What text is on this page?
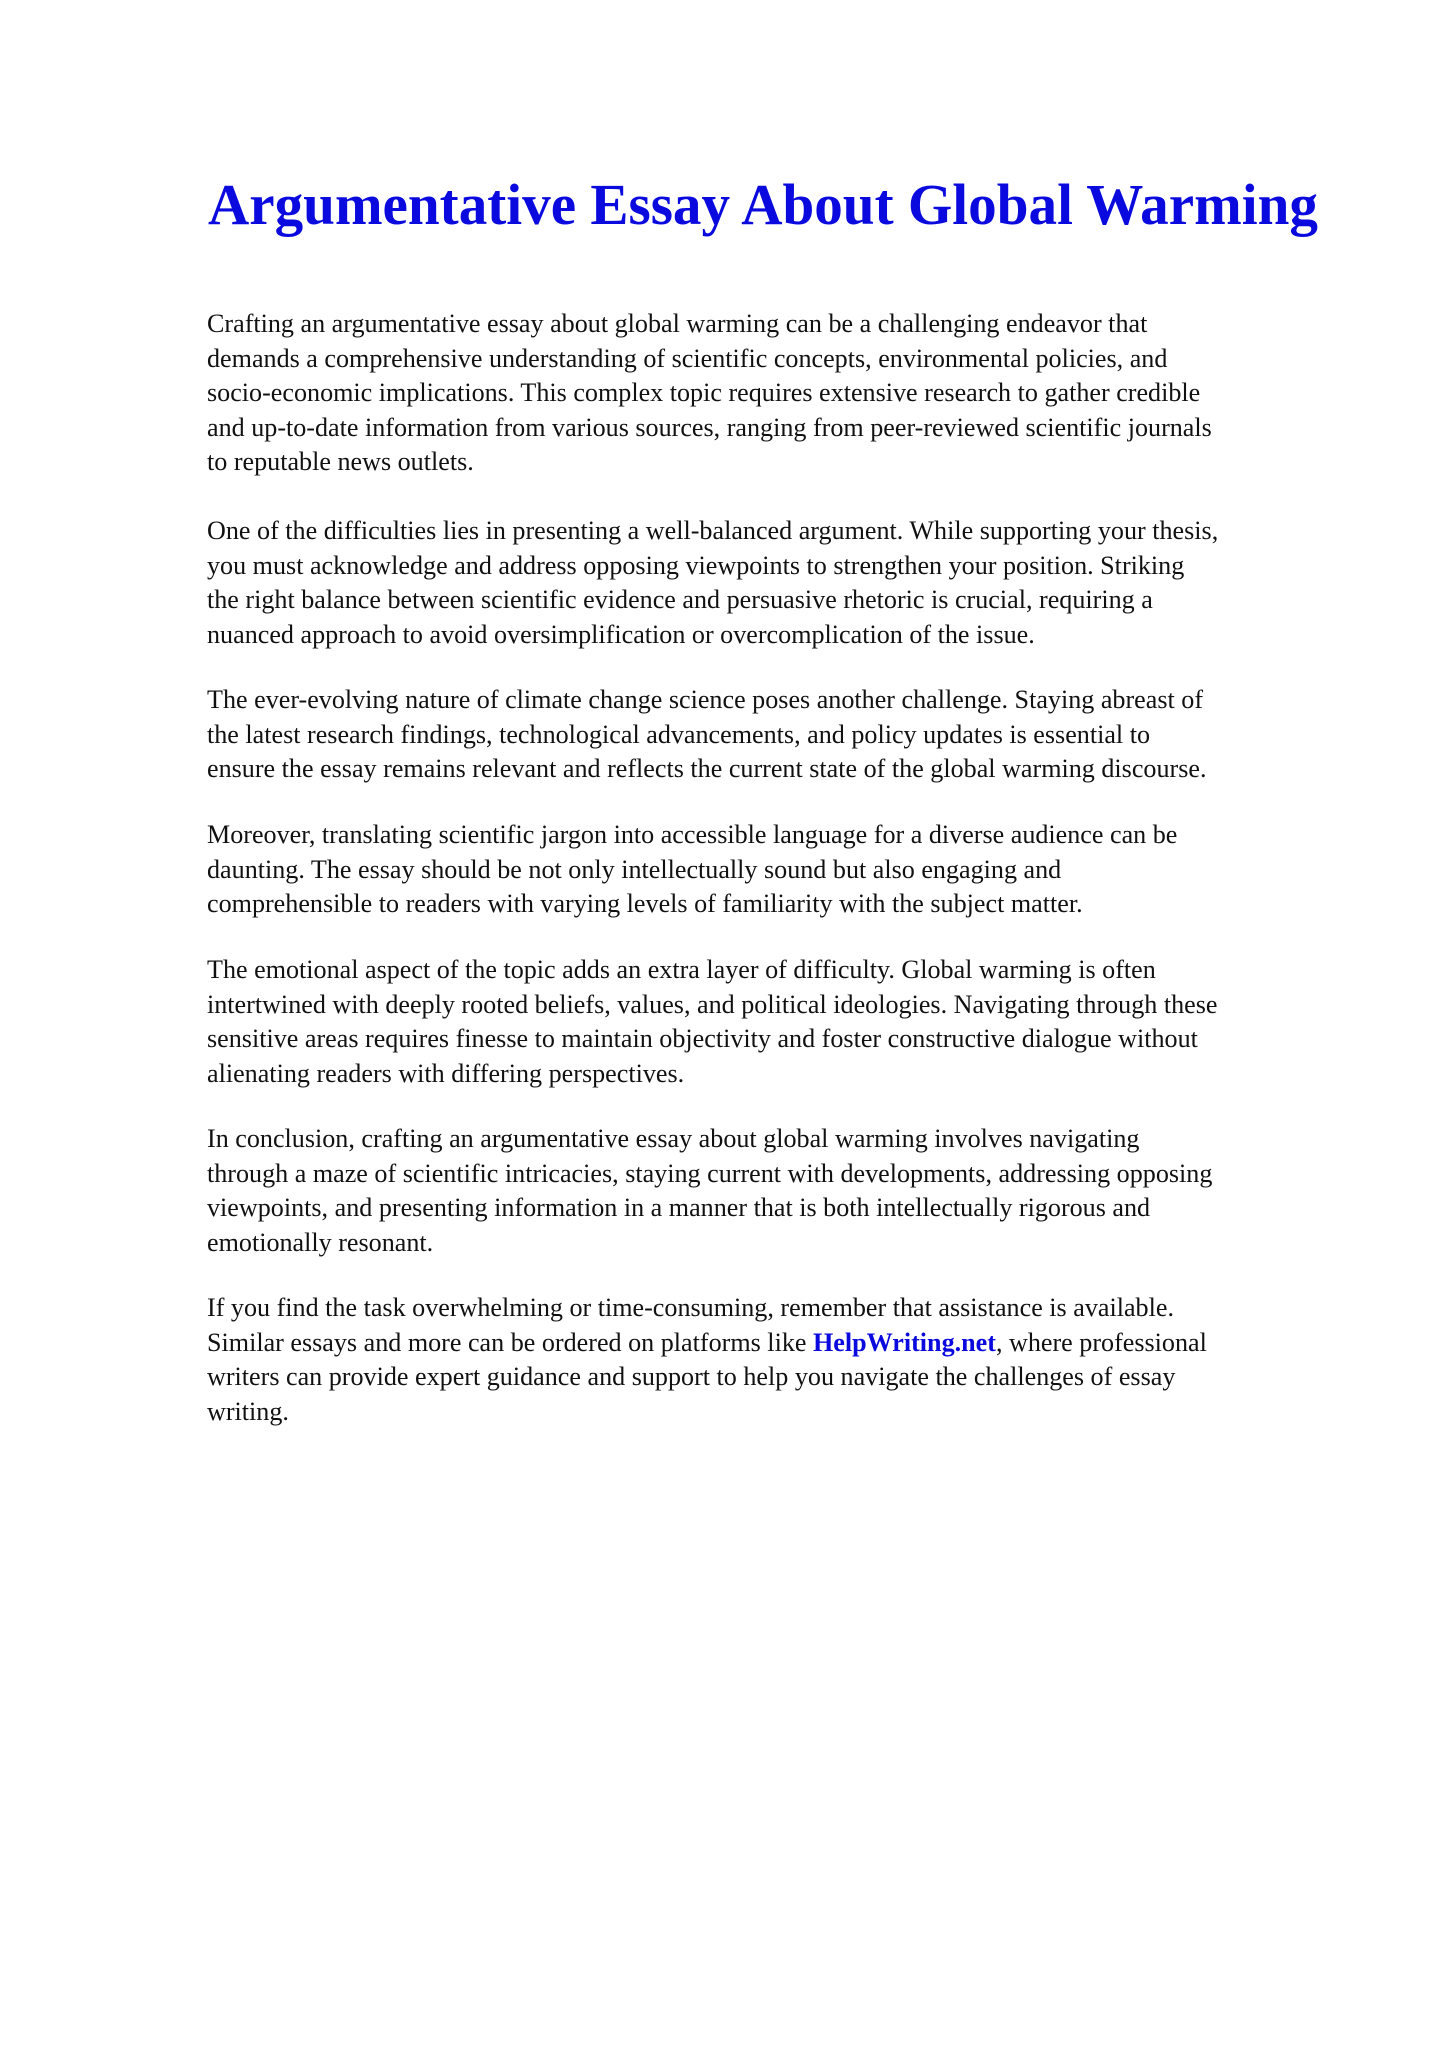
Argumentative Essay About Global Warming

Crafting an argumentative essay about global warming can be a challenging endeavor that
demands a comprehensive understanding of scientific concepts, environmental policies, and
socio-economic implications. This complex topic requires extensive research to gather credible
and up-to-date information from various sources, ranging from peer-reviewed scientific journals
to reputable news outlets.

One of the difficulties lies in presenting a well-balanced argument. While supporting your thesis,
you must acknowledge and address opposing viewpoints to strengthen your position. Striking
the right balance between scientific evidence and persuasive rhetoric is crucial, requiring a
nuanced approach to avoid oversimplification or overcomplication of the issue.

The ever-evolving nature of climate change science poses another challenge. Staying abreast of
the latest research findings, technological advancements, and policy updates is essential to
ensure the essay remains relevant and reflects the current state of the global warming discourse.

Moreover, translating scientific jargon into accessible language for a diverse audience can be
daunting. The essay should be not only intellectually sound but also engaging and
comprehensible to readers with varying levels of familiarity with the subject matter.

The emotional aspect of the topic adds an extra layer of difficulty. Global warming is often
intertwined with deeply rooted beliefs, values, and political ideologies. Navigating through these
sensitive areas requires finesse to maintain objectivity and foster constructive dialogue without
alienating readers with differing perspectives.

In conclusion, crafting an argumentative essay about global warming involves navigating
through a maze of scientific intricacies, staying current with developments, addressing opposing
viewpoints, and presenting information in a manner that is both intellectually rigorous and
emotionally resonant.

If you find the task overwhelming or time-consuming, remember that assistance is available.
Similar essays and more can be ordered on platforms like HelpWriting.net, where professional
writers can provide expert guidance and support to help you navigate the challenges of essay
writing.
